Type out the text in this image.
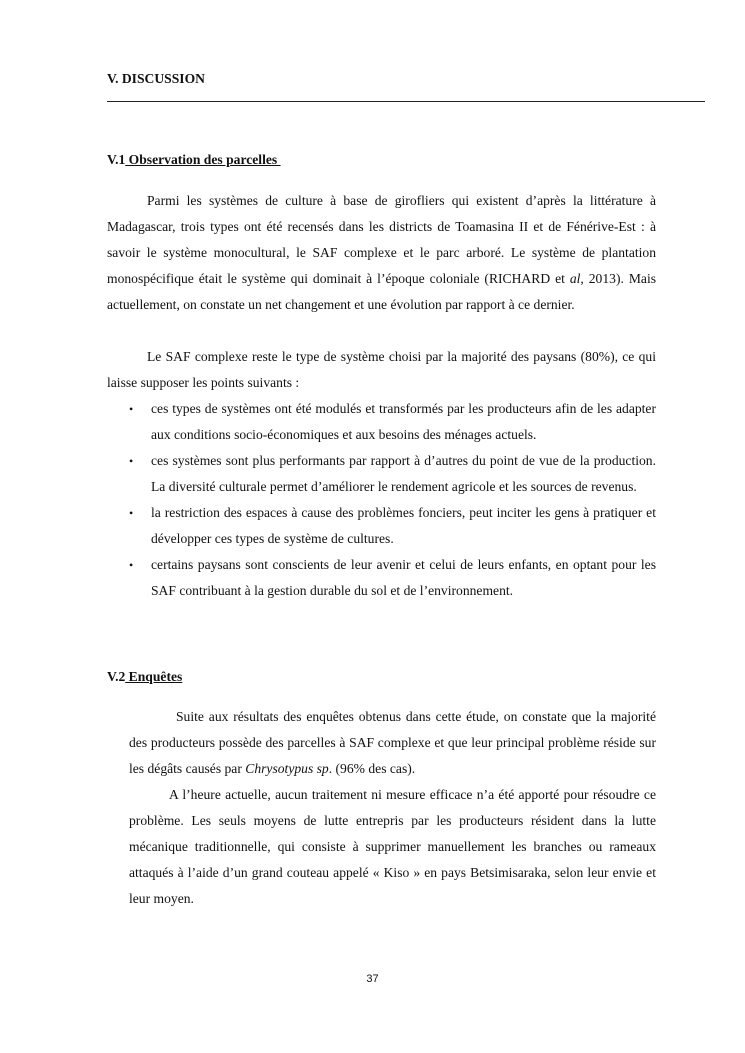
V. DISCUSSION
V.1 Observation des parcelles

Parmi les systèmes de culture à base de girofliers qui existent d’après la littérature à Madagascar, trois types ont été recensés dans les districts de Toamasina II et de Fénérive-Est : à savoir le système monocultural, le SAF complexe et le parc arboré. Le système de plantation monospécifique était le système qui dominait à l’époque coloniale (RICHARD et al, 2013). Mais actuellement, on constate un net changement et une évolution par rapport à ce dernier.

Le SAF complexe reste le type de système choisi par la majorité des paysans (80%), ce qui laisse supposer les points suivants :

• ces types de systèmes ont été modulés et transformés par les producteurs afin de les adapter aux conditions socio-économiques et aux besoins des ménages actuels.
• ces systèmes sont plus performants par rapport à d’autres du point de vue de la production. La diversité culturale permet d’améliorer le rendement agricole et les sources de revenus.
• la restriction des espaces à cause des problèmes fonciers, peut inciter les gens à pratiquer et développer ces types de système de cultures.
• certains paysans sont conscients de leur avenir et celui de leurs enfants, en optant pour les SAF contribuant à la gestion durable du sol et de l’environnement.
V.2 Enquêtes

Suite aux résultats des enquêtes obtenus dans cette étude, on constate que la majorité des producteurs possède des parcelles à SAF complexe et que leur principal problème réside sur les dégâts causés par Chrysotypus sp. (96% des cas).

A l’heure actuelle, aucun traitement ni mesure efficace n’a été apporté pour résoudre ce problème. Les seuls moyens de lutte entrepris par les producteurs résident dans la lutte mécanique traditionnelle, qui consiste à supprimer manuellement les branches ou rameaux attaqués à l’aide d’un grand couteau appelé « Kiso » en pays Betsimisaraka, selon leur envie et leur moyen.

37
